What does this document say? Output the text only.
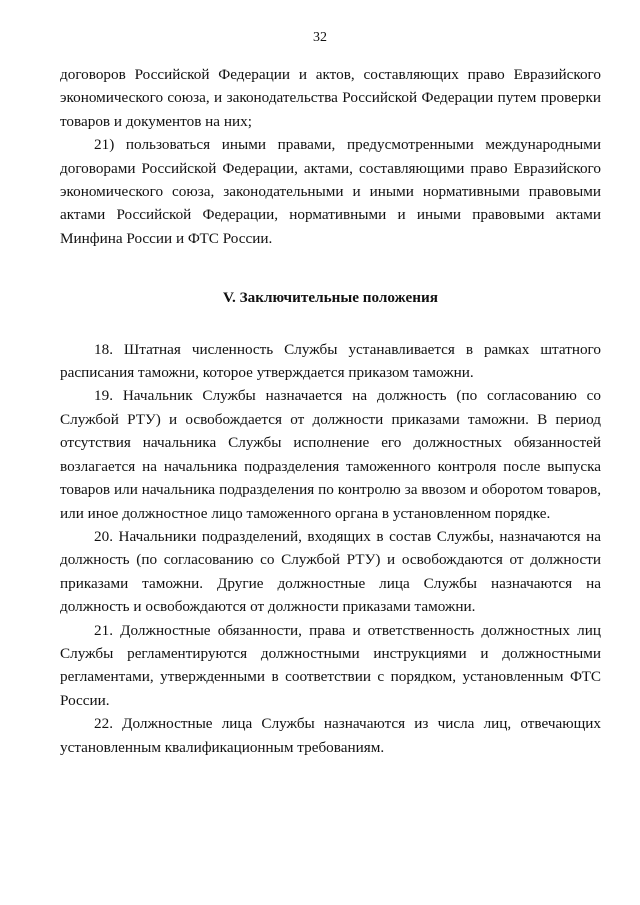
32

договоров Российской Федерации и актов, составляющих право Евразийского экономического союза, и законодательства Российской Федерации путем проверки товаров и документов на них;

21) пользоваться иными правами, предусмотренными международными договорами Российской Федерации, актами, составляющими право Евразийского экономического союза, законодательными и иными нормативными правовыми актами Российской Федерации, нормативными и иными правовыми актами Минфина России и ФТС России.

V. Заключительные положения

18. Штатная численность Службы устанавливается в рамках штатного расписания таможни, которое утверждается приказом таможни.

19. Начальник Службы назначается на должность (по согласованию со Службой РТУ) и освобождается от должности приказами таможни. В период отсутствия начальника Службы исполнение его должностных обязанностей возлагается на начальника подразделения таможенного контроля после выпуска товаров или начальника подразделения по контролю за ввозом и оборотом товаров, или иное должностное лицо таможенного органа в установленном порядке.

20. Начальники подразделений, входящих в состав Службы, назначаются на должность (по согласованию со Службой РТУ) и освобождаются от должности приказами таможни. Другие должностные лица Службы назначаются на должность и освобождаются от должности приказами таможни.

21. Должностные обязанности, права и ответственность должностных лиц Службы регламентируются должностными инструкциями и должностными регламентами, утвержденными в соответствии с порядком, установленным ФТС России.

22. Должностные лица Службы назначаются из числа лиц, отвечающих установленным квалификационным требованиям.
